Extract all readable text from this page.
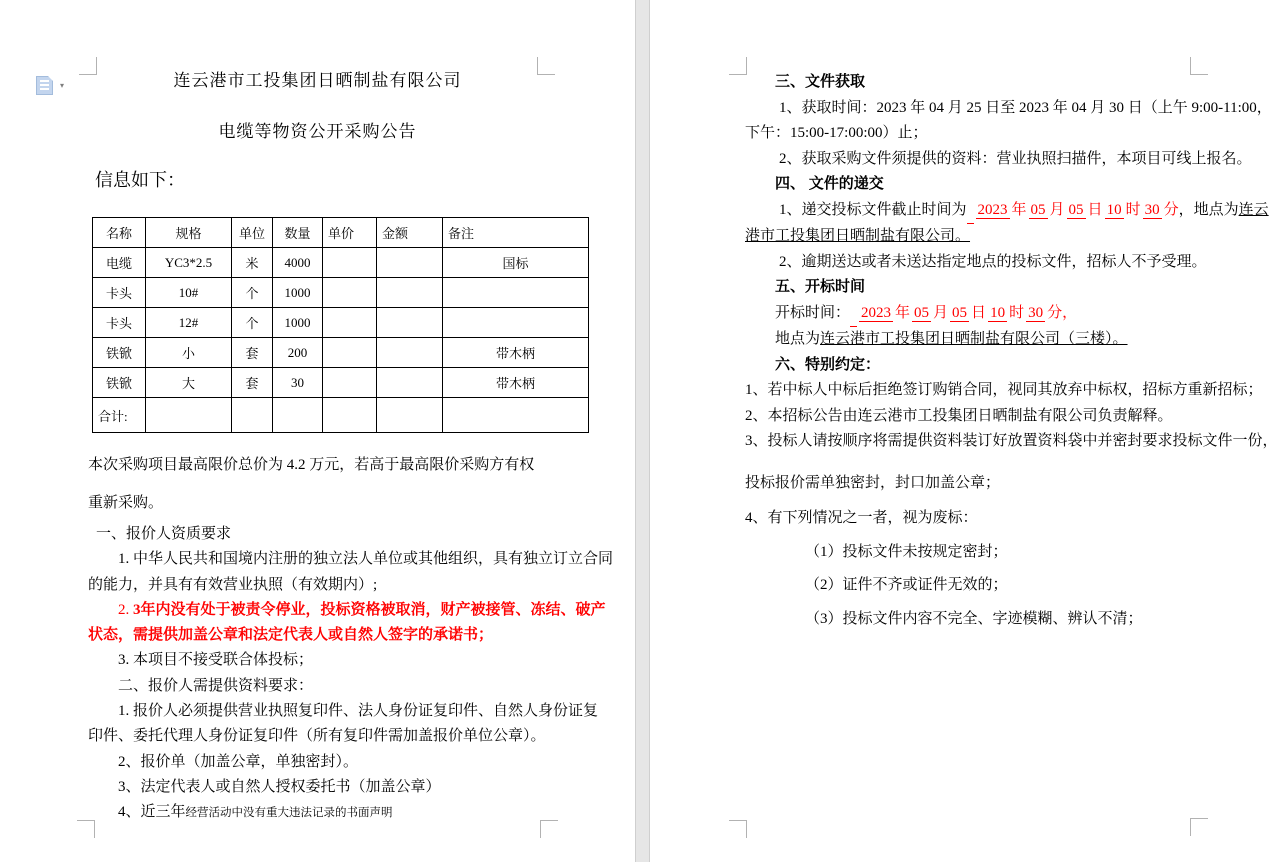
连云港市工投集团日晒制盐有限公司
电缆等物资公开采购公告
信息如下：
名称	规格	单位	数量	单价	金额	备注
电缆	YC3*2.5	米	4000			国标
卡头	10#	个	1000			
卡头	12#	个	1000			
铁锨	小	套	200			带木柄
铁锨	大	套	30			带木柄
合计:						
本次采购项目最高限价总价为 4.2 万元，若高于最高限价采购方有权
重新采购。
一、报价人资质要求
1. 中华人民共和国境内注册的独立法人单位或其他组织，具有独立订立合同
的能力，并具有有效营业执照（有效期内）;
2. 3年内没有处于被责令停业，投标资格被取消，财产被接管、冻结、破产
状态，需提供加盖公章和法定代表人或自然人签字的承诺书；
3. 本项目不接受联合体投标；
二、报价人需提供资料要求：
1. 报价人必须提供营业执照复印件、法人身份证复印件、自然人身份证复
印件、委托代理人身份证复印件（所有复印件需加盖报价单位公章）。
2、报价单（加盖公章，单独密封）。
3、法定代表人或自然人授权委托书（加盖公章）
4、近三年经营活动中没有重大违法记录的书面声明
三、文件获取
1、获取时间：2023 年 04 月 25 日至 2023 年 04 月 30 日（上午 9:00-11:00，
下午：15:00-17:00:00）止；
2、获取采购文件须提供的资料：营业执照扫描件，本项目可线上报名。
四、 文件的递交
1、递交投标文件截止时间为 2023 年 05 月 05 日 10 时 30 分，地点为连云
港市工投集团日晒制盐有限公司。
2、逾期送达或者未送达指定地点的投标文件，招标人不予受理。
五、开标时间
开标时间： 2023 年 05 月 05 日 10 时 30 分，
地点为连云港市工投集团日晒制盐有限公司（三楼）。
六、特别约定：
1、若中标人中标后拒绝签订购销合同，视同其放弃中标权，招标方重新招标；
2、本招标公告由连云港市工投集团日晒制盐有限公司负责解释。
3、投标人请按顺序将需提供资料装订好放置资料袋中并密封要求投标文件一份，
投标报价需单独密封，封口加盖公章；
4、有下列情况之一者，视为废标：
（1）投标文件未按规定密封；
（2）证件不齐或证件无效的；
（3）投标文件内容不完全、字迹模糊、辨认不清；
▾
